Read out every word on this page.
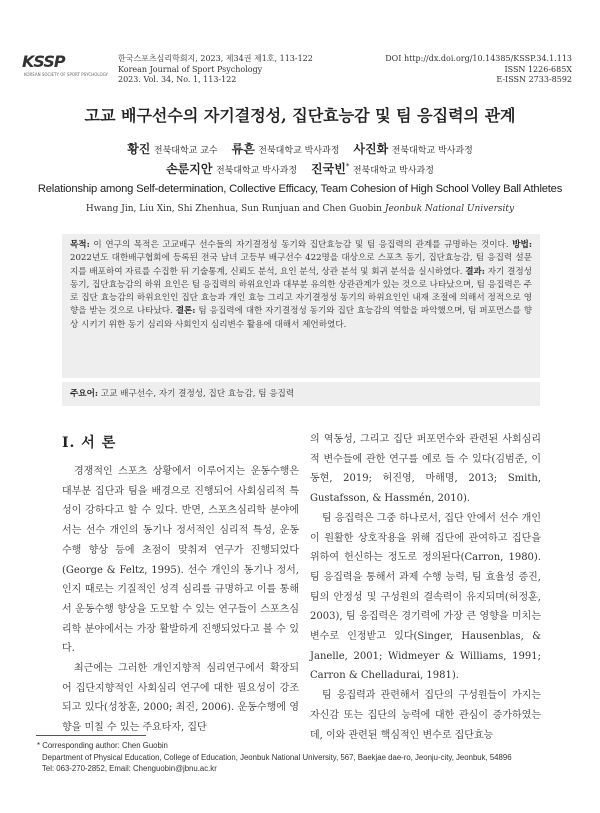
KSSP
KOREAN SOCIETY OF SPORT PSYCHOLOGY
한국스포츠심리학회지, 2023, 제34권 제1호, 113-122
Korean Journal of Sport Psychology
2023. Vol. 34, No. 1, 113-122
DOI http://dx.doi.org/10.14385/KSSP.34.1.113
ISSN 1226-685X
E-ISSN 2733-8592
고교 배구선수의 자기결정성, 집단효능감 및 팀 응집력의 관계
황진 전북대학교 교수 류흔 전북대학교 박사과정 사진화 전북대학교 박사과정
손룬지안 전북대학교 박사과정 진국빈* 전북대학교 박사과정
Relationship among Self-determination, Collective Efficacy, Team Cohesion of High School Volley Ball Athletes
Hwang Jin, Liu Xin, Shi Zhenhua, Sun Runjuan and Chen Guobin Jeonbuk National University
목적: 이 연구의 목적은 고교배구 선수들의 자기결정성 동기와 집단효능감 및 팀 응집력의 관계를 규명하는 것이다. 방법: 2022년도 대한배구협회에 등록된 전국 남녀 고등부 배구선수 422명을 대상으로 스포츠 동기, 집단효능감, 팀 응집력 설문지를 배포하여 자료를 수집한 뒤 기술통계, 신뢰도 분석, 요인 분석, 상관 분석 및 회귀 분석을 실시하였다. 결과: 자기 결정성 동기, 집단효능감의 하위 요인은 팀 응집력의 하위요인과 대부분 유의한 상관관계가 있는 것으로 나타났으며, 팀 응집력은 주로 집단 효능감의 하위요인인 집단 효능과 개인 효능 그리고 자기결정성 동기의 하위요인인 내재 조절에 의해서 정적으로 영향을 받는 것으로 나타났다. 결론: 팀 응집력에 대한 자기결정성 동기와 집단 효능감의 역할을 파악했으며, 팀 퍼포먼스를 향상 시키기 위한 동기 심리와 사회인지 심리변수 활용에 대해서 제언하였다.
주요어: 고교 배구선수, 자기 결정성, 집단 효능감, 팀 응집력
Ⅰ. 서 론

경쟁적인 스포츠 상황에서 이루어지는 운동수행은 대부분 집단과 팀을 배경으로 진행되어 사회심리적 특성이 강하다고 할 수 있다. 반면, 스포츠심리학 분야에서는 선수 개인의 동기나 정서적인 심리적 특성, 운동수행 향상 등에 초점이 맞춰져 연구가 진행되었다(George & Feltz, 1995). 선수 개인의 동기나 정서, 인지 때로는 기질적인 성격 심리를 규명하고 이를 통해서 운동수행 향상을 도모할 수 있는 연구들이 스포츠심리학 분야에서는 가장 활발하게 진행되었다고 볼 수 있다.

최근에는 그러한 개인지향적 심리연구에서 확장되어 집단지향적인 사회심리 연구에 대한 필요성이 강조되고 있다(성창훈, 2000; 최진, 2006). 운동수행에 영향을 미칠 수 있는 주요타자, 집단

의 역동성, 그리고 집단 퍼포먼수와 관련된 사회심리적 변수들에 관한 연구를 예로 들 수 있다(김범준, 이동현, 2019; 허진영, 마해명, 2013; Smith, Gustafsson, & Hassmén, 2010).

팀 응집력은 그중 하나로서, 집단 안에서 선수 개인이 원활한 상호작용을 위해 집단에 관여하고 집단을 위하여 헌신하는 정도로 정의된다(Carron, 1980). 팀 응집력을 통해서 과제 수행 능력, 팀 효율성 증진, 팀의 안정성 및 구성원의 결속력이 유지되며(허정훈, 2003), 팀 응집력은 경기력에 가장 큰 영향을 미치는 변수로 인정받고 있다(Singer, Hausenblas, & Janelle, 2001; Widmeyer & Williams, 1991; Carron & Chelladurai, 1981).

팀 응집력과 관련해서 집단의 구성원들이 가지는 자신감 또는 집단의 능력에 대한 관심이 증가하였는데, 이와 관련된 핵심적인 변수로 집단효능

* Corresponding author: Chen Guobin
Department of Physical Education, College of Education, Jeonbuk National University, 567, Baekjae dae-ro, Jeonju-city, Jeonbuk, 54896
Tel: 063-270-2852, Email: Chenguobin@jbnu.ac.kr
